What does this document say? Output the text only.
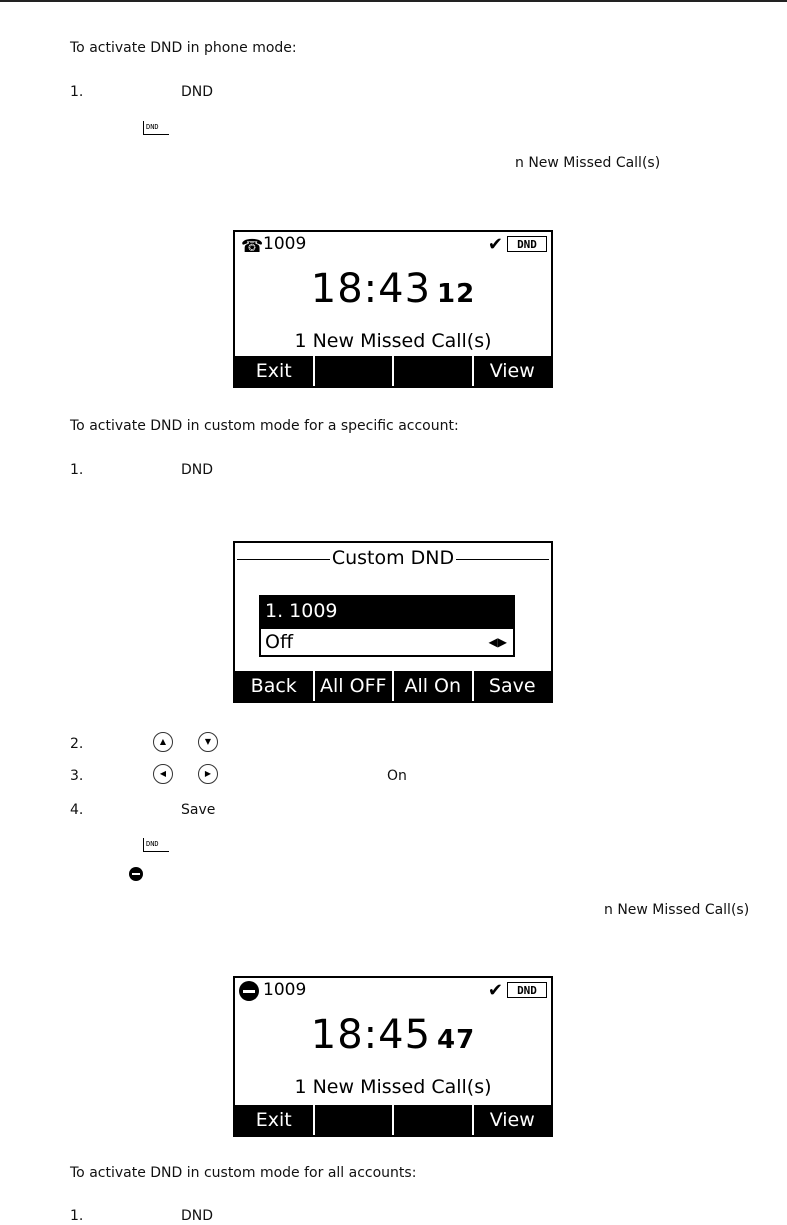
To activate DND in phone mode:
1.	DND
DND
n New Missed Call(s)
☎ 1009	✔	DND
18:43 12
1 New Missed Call(s)
Exit	View
To activate DND in custom mode for a specific account:
1.	DND
Custom DND
1. 1009
Off	◀▶
Back	All OFF All On	Save
2.	▲	▼
3.	◀	▶	On
4.	Save
DND
n New Missed Call(s)
1009	✔	DND
18:45 47
1 New Missed Call(s)
Exit	View
To activate DND in custom mode for all accounts:
1.	DND
